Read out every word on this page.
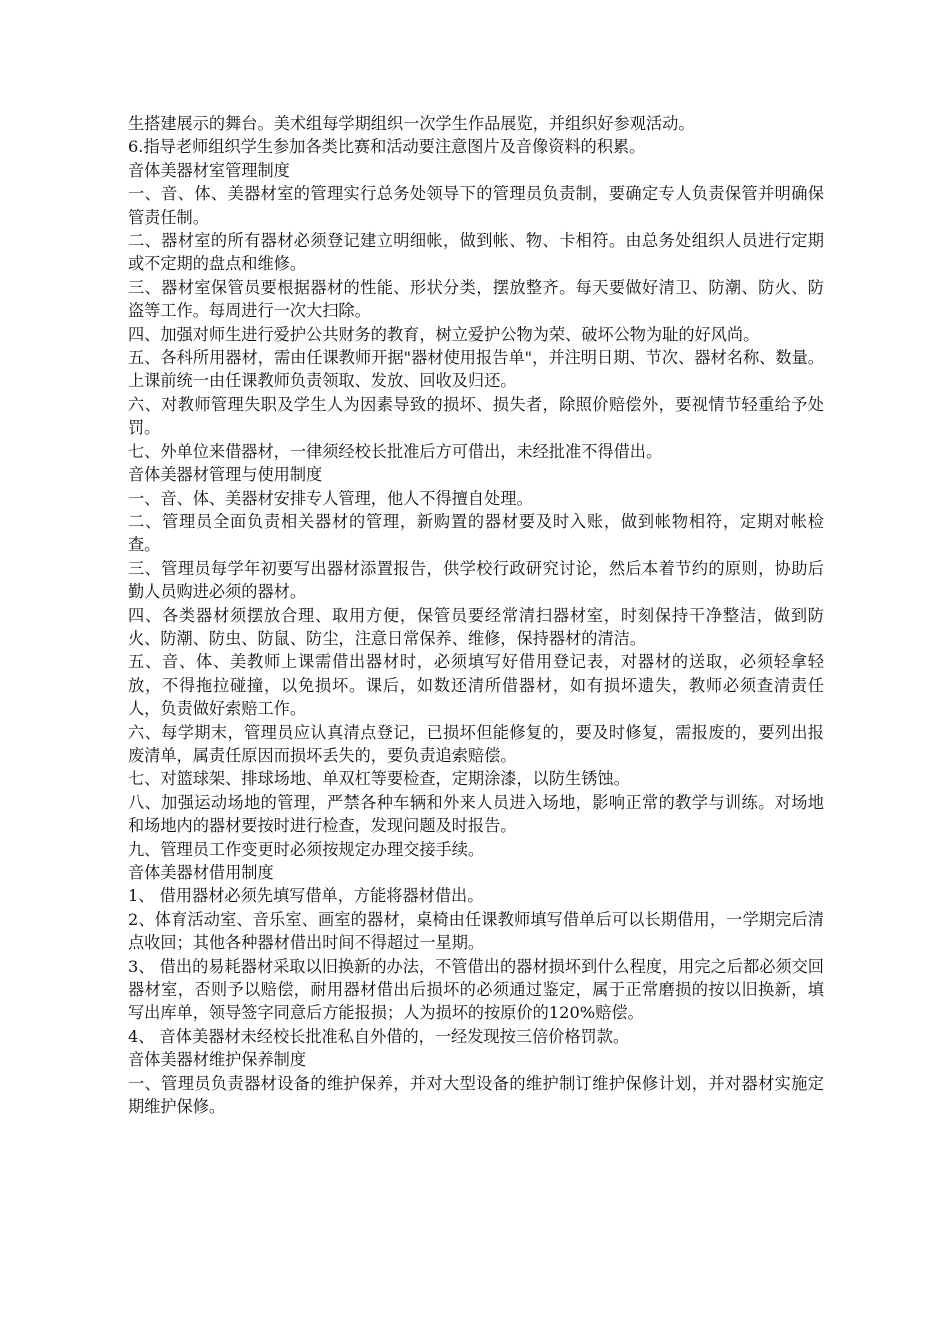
生搭建展示的舞台。美术组每学期组织一次学生作品展览，并组织好参观活动。

6.指导老师组织学生参加各类比赛和活动要注意图片及音像资料的积累。

音体美器材室管理制度

一、音、体、美器材室的管理实行总务处领导下的管理员负责制，要确定专人负责保管并明确保管责任制。

二、器材室的所有器材必须登记建立明细帐，做到帐、物、卡相符。由总务处组织人员进行定期或不定期的盘点和维修。

三、器材室保管员要根据器材的性能、形状分类，摆放整齐。每天要做好清卫、防潮、防火、防盗等工作。每周进行一次大扫除。

四、加强对师生进行爱护公共财务的教育，树立爱护公物为荣、破坏公物为耻的好风尚。

五、各科所用器材，需由任课教师开据"器材使用报告单"，并注明日期、节次、器材名称、数量。 上课前统一由任课教师负责领取、发放、回收及归还。

六、对教师管理失职及学生人为因素导致的损坏、损失者，除照价赔偿外，要视情节轻重给予处罚。

七、外单位来借器材，一律须经校长批准后方可借出，未经批准不得借出。

音体美器材管理与使用制度

一、音、体、美器材安排专人管理，他人不得擅自处理。

二、管理员全面负责相关器材的管理，新购置的器材要及时入账，做到帐物相符，定期对帐检查。

三、管理员每学年初要写出器材添置报告，供学校行政研究讨论，然后本着节约的原则，协助后勤人员购进必须的器材。

四、各类器材须摆放合理、取用方便，保管员要经常清扫器材室，时刻保持干净整洁，做到防火、防潮、防虫、防鼠、防尘，注意日常保养、维修，保持器材的清洁。

五、音、体、美教师上课需借出器材时，必须填写好借用登记表，对器材的送取，必须轻拿轻放，不得拖拉碰撞，以免损坏。课后，如数还清所借器材，如有损坏遗失，教师必须查清责任人，负责做好索赔工作。

六、每学期末，管理员应认真清点登记，已损坏但能修复的，要及时修复，需报废的，要列出报废清单，属责任原因而损坏丢失的，要负责追索赔偿。

七、对篮球架、排球场地、单双杠等要检查，定期涂漆，以防生锈蚀。

八、加强运动场地的管理，严禁各种车辆和外来人员进入场地，影响正常的教学与训练。对场地和场地内的器材要按时进行检查，发现问题及时报告。

九、管理员工作变更时必须按规定办理交接手续。

音体美器材借用制度

1、 借用器材必须先填写借单，方能将器材借出。

2、体育活动室、音乐室、画室的器材，桌椅由任课教师填写借单后可以长期借用，一学期完后清点收回；其他各种器材借出时间不得超过一星期。

3、 借出的易耗器材采取以旧换新的办法，不管借出的器材损坏到什么程度，用完之后都必须交回器材室，否则予以赔偿，耐用器材借出后损坏的必须通过鉴定，属于正常磨损的按以旧换新，填写出库单，领导签字同意后方能报损；人为损坏的按原价的120%赔偿。

4、 音体美器材未经校长批准私自外借的，一经发现按三倍价格罚款。

音体美器材维护保养制度

一、管理员负责器材设备的维护保养，并对大型设备的维护制订维护保修计划，并对器材实施定期维护保修。
